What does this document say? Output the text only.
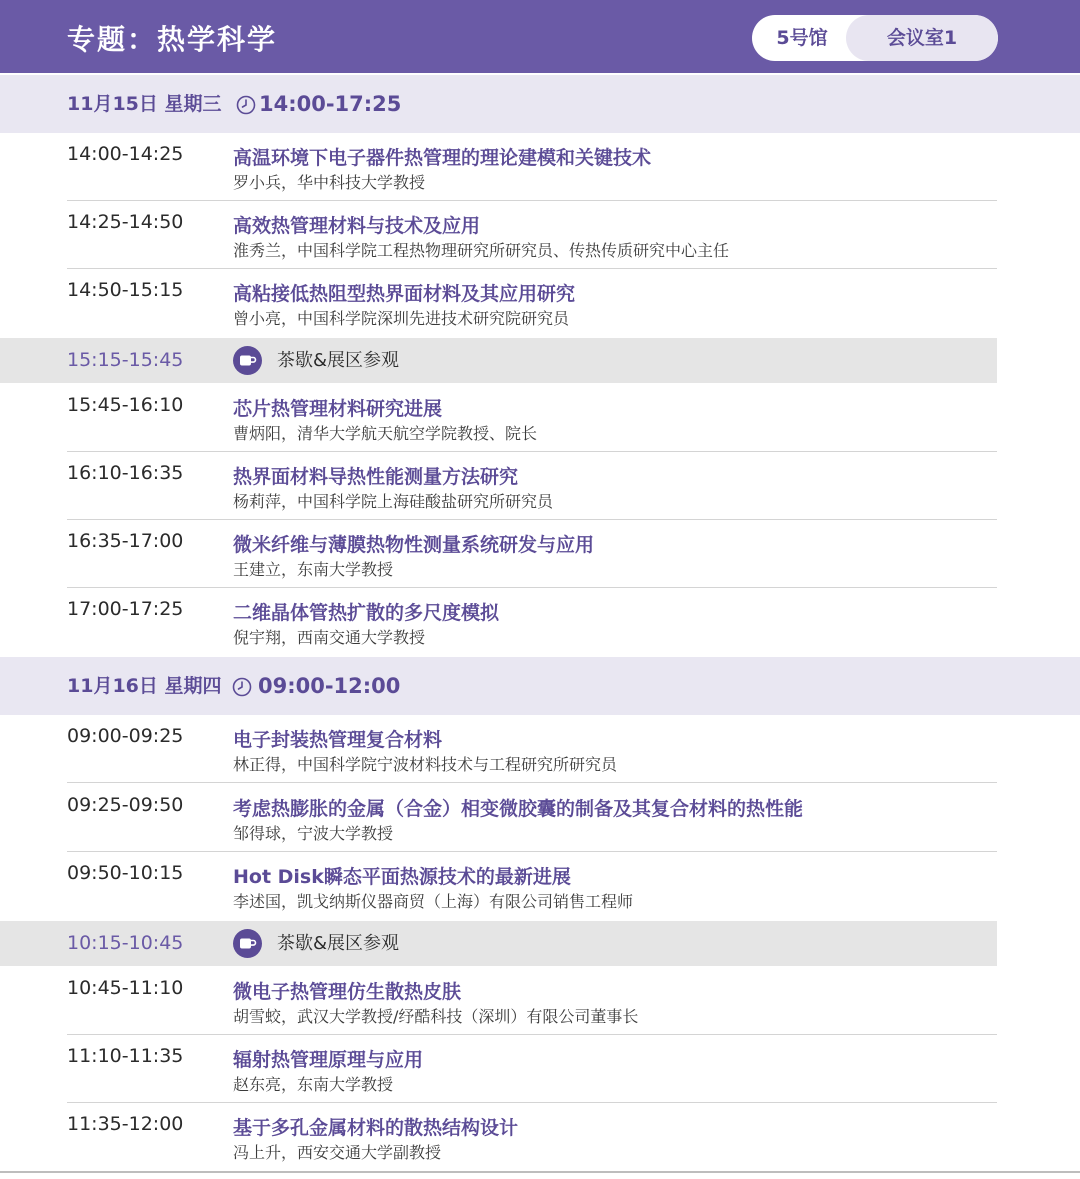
专题：热学科学	5号馆	会议室1
11月15日 星期三 14:00-17:25
14:00-14:25	高温环境下电子器件热管理的理论建模和关键技术
罗小兵，华中科技大学教授
14:25-14:50	高效热管理材料与技术及应用
淮秀兰，中国科学院工程热物理研究所研究员、传热传质研究中心主任
14:50-15:15	高粘接低热阻型热界面材料及其应用研究
曾小亮，中国科学院深圳先进技术研究院研究员
15:15-15:45	茶歇&展区参观
15:45-16:10	芯片热管理材料研究进展
曹炳阳，清华大学航天航空学院教授、院长
16:10-16:35	热界面材料导热性能测量方法研究
杨莉萍，中国科学院上海硅酸盐研究所研究员
16:35-17:00	微米纤维与薄膜热物性测量系统研发与应用
王建立，东南大学教授
17:00-17:25	二维晶体管热扩散的多尺度模拟
倪宇翔，西南交通大学教授
11月16日 星期四 09:00-12:00
09:00-09:25	电子封装热管理复合材料
林正得，中国科学院宁波材料技术与工程研究所研究员
09:25-09:50	考虑热膨胀的金属（合金）相变微胶囊的制备及其复合材料的热性能
邹得球，宁波大学教授
09:50-10:15	Hot Disk瞬态平面热源技术的最新进展
李述国，凯戈纳斯仪器商贸（上海）有限公司销售工程师
10:15-10:45	茶歇&展区参观
10:45-11:10	微电子热管理仿生散热皮肤
胡雪蛟，武汉大学教授/纾酷科技（深圳）有限公司董事长
11:10-11:35	辐射热管理原理与应用
赵东亮，东南大学教授
11:35-12:00	基于多孔金属材料的散热结构设计
冯上升，西安交通大学副教授
